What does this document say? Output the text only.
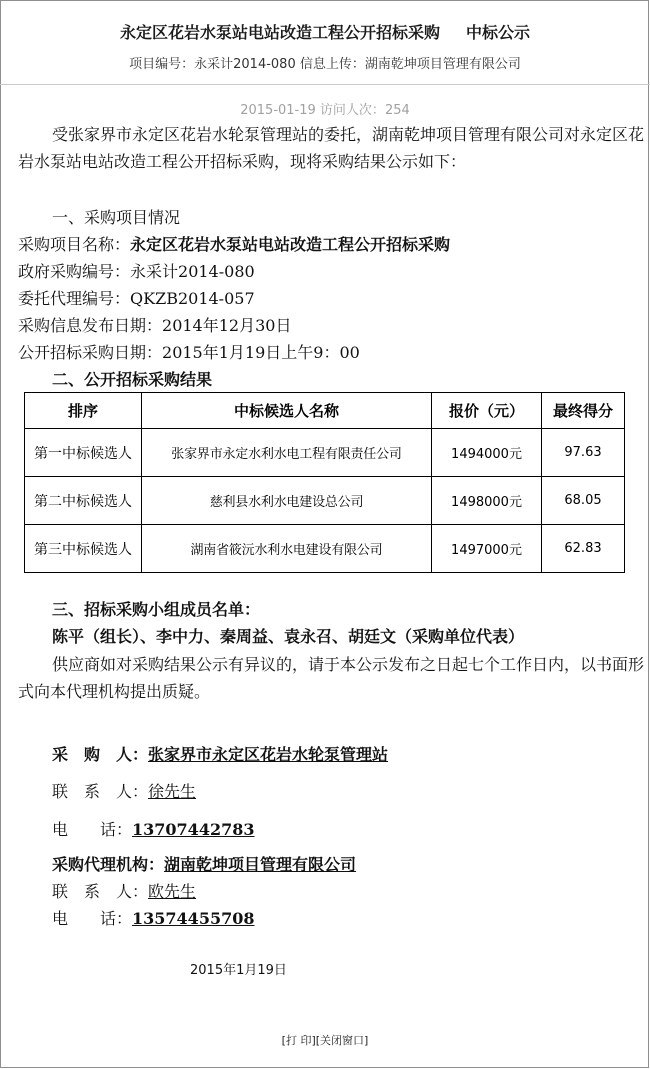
永定区花岩水泵站电站改造工程公开招标采购 中标公示
项目编号：永采计2014-080 信息上传：湖南乾坤项目管理有限公司
2015-01-19 访问人次：254
受张家界市永定区花岩水轮泵管理站的委托，湖南乾坤项目管理有限公司对永定区花岩水泵站电站改造工程公开招标采购，现将采购结果公示如下：
一、采购项目情况
采购项目名称：永定区花岩水泵站电站改造工程公开招标采购
政府采购编号：永采计2014-080
委托代理编号：QKZB2014-057
采购信息发布日期：2014年12月30日
公开招标采购日期：2015年1月19日上午9：00
二、公开招标采购结果
排序	中标候选人名称	报价（元）	最终得分
第一中标候选人	张家界市永定水利水电工程有限责任公司	1494000元	97.63
第二中标候选人	慈利县水利水电建设总公司	1498000元	68.05
第三中标候选人	湖南省筱沅水利水电建设有限公司	1497000元	62.83
三、招标采购小组成员名单：
陈平（组长）、李中力、秦周益、袁永召、胡廷文（采购单位代表）
供应商如对采购结果公示有异议的，请于本公示发布之日起七个工作日内，以书面形式向本代理机构提出质疑。
采　购　人：张家界市永定区花岩水轮泵管理站
联　系　人：徐先生
电　　话：13707442783
采购代理机构：湖南乾坤项目管理有限公司
联　系　人：欧先生
电　　话：13574455708
2015年1月19日
[打 印][关闭窗口]
